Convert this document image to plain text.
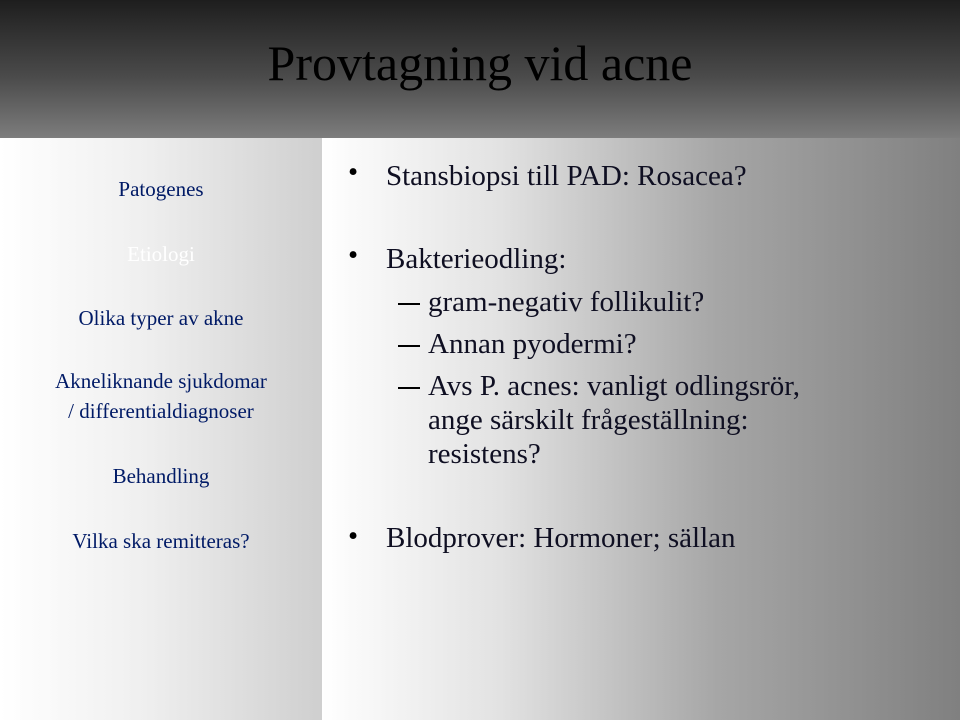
Provtagning vid acne
Patogenes
Etiologi
Olika typer av akne
Akneliknande sjukdomar
/ differentialdiagnoser
Behandling
Vilka ska remitteras?
• Stansbiopsi till PAD: Rosacea?
• Bakterieodling:
gram-negativ follikulit?
Annan pyodermi?
Avs P. acnes: vanligt odlingsrör,
ange särskilt frågeställning:
resistens?
• Blodprover: Hormoner; sällan
